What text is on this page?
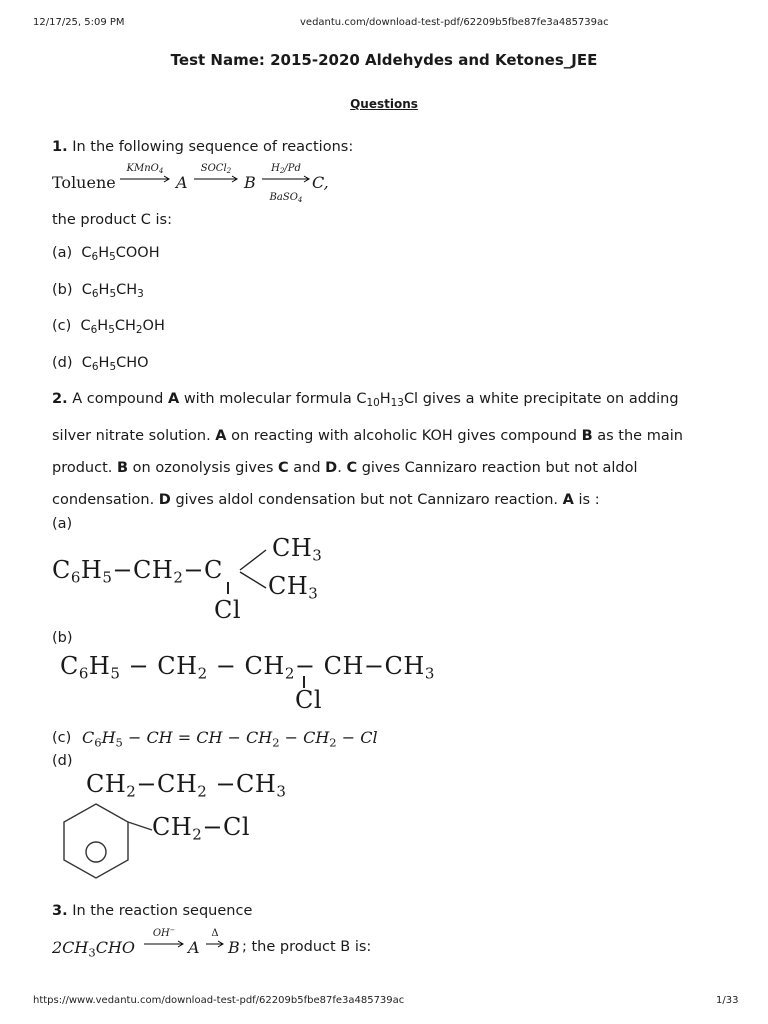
12/17/25, 5:09 PM	vedantu.com/download-test-pdf/62209b5fbe87fe3a485739ac
https://www.vedantu.com/download-test-pdf/62209b5fbe87fe3a485739ac	1/33
Test Name: 2015-2020 Aldehydes and Ketones_JEE
Questions
1. In the following sequence of reactions:
Toluene
KMnO$_4$
A
SOCl$_2$
B
$H_2/Pd$
BaSO$_4$
C,
the product C is:
(a) $C_6H_5COOH$
(b) $C_6H_5CH_3$
(c) $C_6H_5CH_2OH$
(d) $C_6H_5CHO$
2. A compound A with molecular formula $C_{10}H_{13}Cl$ gives a white precipitate on adding
silver nitrate solution. A on reacting with alcoholic KOH gives compound B as the main
product. B on ozonolysis gives C and D. C gives Cannizaro reaction but not aldol
condensation. D gives aldol condensation but not Cannizaro reaction. A is :
(a)
$C_6H_5-CH_2-C$
$CH_3$
$CH_3$
Cl
(b)
$C_6H_5 - CH_2 - CH_2- CH-CH_3$
Cl
(c) $C_6H_5$ − CH = CH − $CH_2 - CH_2 - Cl$
(d)
$CH_2-CH_2 -CH_3$
$CH_2-Cl$
3. In the reaction sequence
$2CH_3CHO$
OH−
A
Δ
B ; the product B is:
